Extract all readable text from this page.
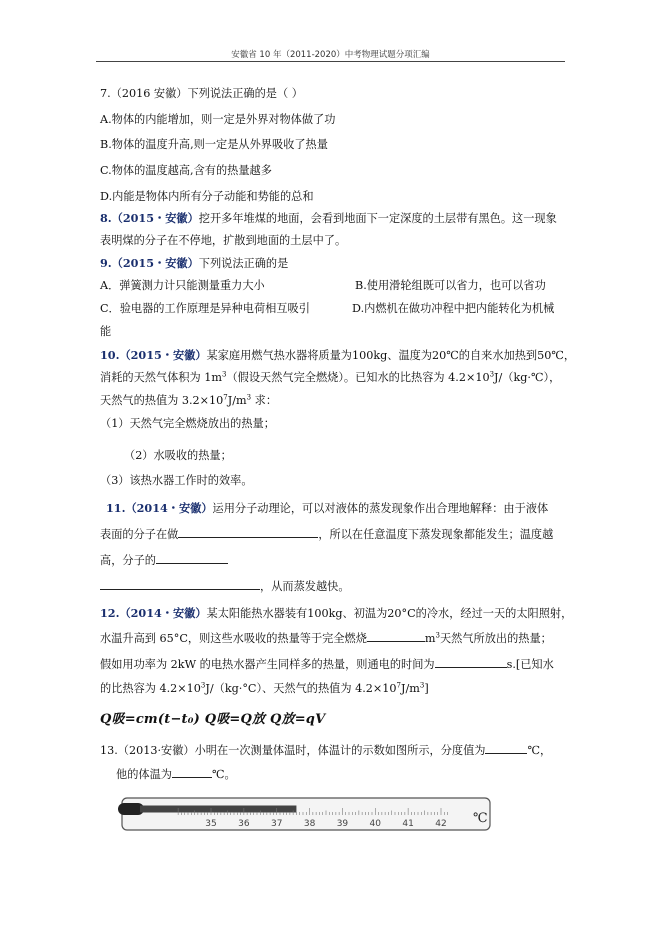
安徽省 10 年（2011-2020）中考物理试题分项汇编
7.（2016 安徽）下列说法正确的是（ ）
A.物体的内能增加，则一定是外界对物体做了功
B.物体的温度升高,则一定是从外界吸收了热量
C.物体的温度越高,含有的热量越多
D.内能是物体内所有分子动能和势能的总和
8.（2015・安徽）挖开多年堆煤的地面，会看到地面下一定深度的土层带有黑色。这一现象
表明煤的分子在不停地，扩散到地面的土层中了。
9.（2015・安徽）下列说法正确的是
A．弹簧测力计只能测量重力大小	B.使用滑轮组既可以省力，也可以省功
C．验电器的工作原理是异种电荷相互吸引	D.内燃机在做功冲程中把内能转化为机械
能
10.（2015・安徽）某家庭用燃气热水器将质量为100kg、温度为20℃的自来水加热到50℃，
消耗的天然气体积为 $1m^3$（假设天然气完全燃烧）。已知水的比热容为 $4.2\times 10^3J/(kg\cdot℃)$，
天然气的热值为 $3.2\times 10^7J/m^3$ 求：
（1）天然气完全燃烧放出的热量；
（2）水吸收的热量；
（3）该热水器工作时的效率。
11.（2014・安徽）运用分子动理论，可以对液体的蒸发现象作出合理地解释：由于液体
表面的分子在做	，所以在任意温度下蒸发现象都能发生；温度越
高，分子的
，从而蒸发越快。
12.（2014・安徽）某太阳能热水器装有100kg、初温为20°C的冷水，经过一天的太阳照射，
水温升高到 65°C，则这些水吸收的热量等于完全燃烧	$m^3$天然气所放出的热量；
假如用功率为 2kW 的电热水器产生同样多的热量，则通电的时间为	s.[已知水
的比热容为 $4.2\times 10^3J/(kg\cdot^\circ C)$、天然气的热值为 $4.2\times 10^7J/m^3$]
Q吸=cm(t−t₀) Q吸=Q放 Q放=qV
13.（2013·安徽）小明在一次测量体温时，体温计的示数如图所示，分度值为	℃，
他的体温为	℃。
35 36 37 38 39 40 41 42 ℃
